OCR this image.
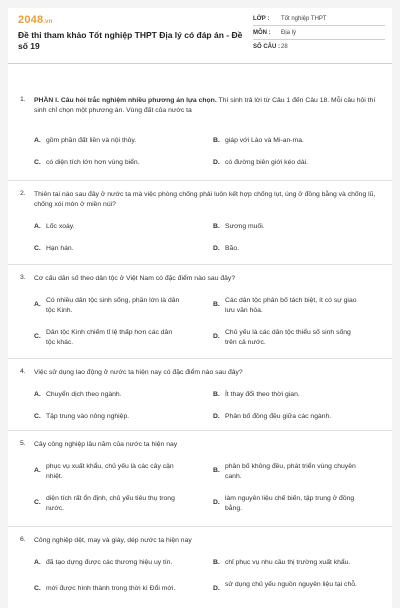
2048.vn
Đề thi tham khảo Tốt nghiệp THPT Địa lý có đáp án - Đề số 19
LỚP :	Tốt nghiệp THPT
MÔN :	Địa lý
SỐ CÂU : 28
1. PHẦN I. Câu hỏi trắc nghiệm nhiều phương án lựa chọn. Thí sinh trả lời từ Câu 1 đến Câu 18. Mỗi câu hỏi thí sinh chỉ chọn một phương án. Vùng đất của nước ta
A. gồm phần đất liền và nội thủy.	B. giáp với Lào và Mi-an-ma.
C. có diện tích lớn hơn vùng biển.	D. có đường biên giới kéo dài.
2. Thiên tai nào sau đây ở nước ta mà việc phòng chống phải luôn kết hợp chống lụt, úng ở đồng bằng và chống lũ, chống xói mòn ở miền núi?
A. Lốc xoáy.	B. Sương muối.
C. Hạn hán.	D. Bão.
3. Cơ cấu dân số theo dân tộc ở Việt Nam có đặc điểm nào sau đây?
A.
Có nhiều dân tộc sinh sống, phần lớn là dân tộc Kinh.
B.
Các dân tộc phân bố tách biệt, ít có sự giao lưu văn hóa.
C.
Dân tộc Kinh chiếm tỉ lệ thấp hơn các dân tộc khác.
D.
Chủ yếu là các dân tộc thiểu số sinh sống trên cả nước.
4. Việc sử dụng lao động ở nước ta hiện nay có đặc điểm nào sau đây?
A. Chuyển dịch theo ngành.	B. Ít thay đổi theo thời gian.
C. Tập trung vào nông nghiệp.	D. Phân bố đồng đều giữa các ngành.
5. Cây công nghiệp lâu năm của nước ta hiện nay
A.
phục vụ xuất khẩu, chủ yếu là các cây cận nhiệt.
B.
phân bố không đều, phát triển vùng chuyên canh.
C.
diện tích rất ổn định, chủ yếu tiêu thụ trong nước.
D.
làm nguyên liệu chế biến, tập trung ở đồng bằng.
6. Công nghiệp dệt, may và giày, dép nước ta hiện nay
A. đã tạo dựng được các thương hiệu uy tín.	B. chỉ phục vụ nhu cầu thị trường xuất khẩu.
C. mới được hình thành trong thời kì Đổi mới.	D.
sử dụng chủ yếu nguồn nguyên liệu tại chỗ.
